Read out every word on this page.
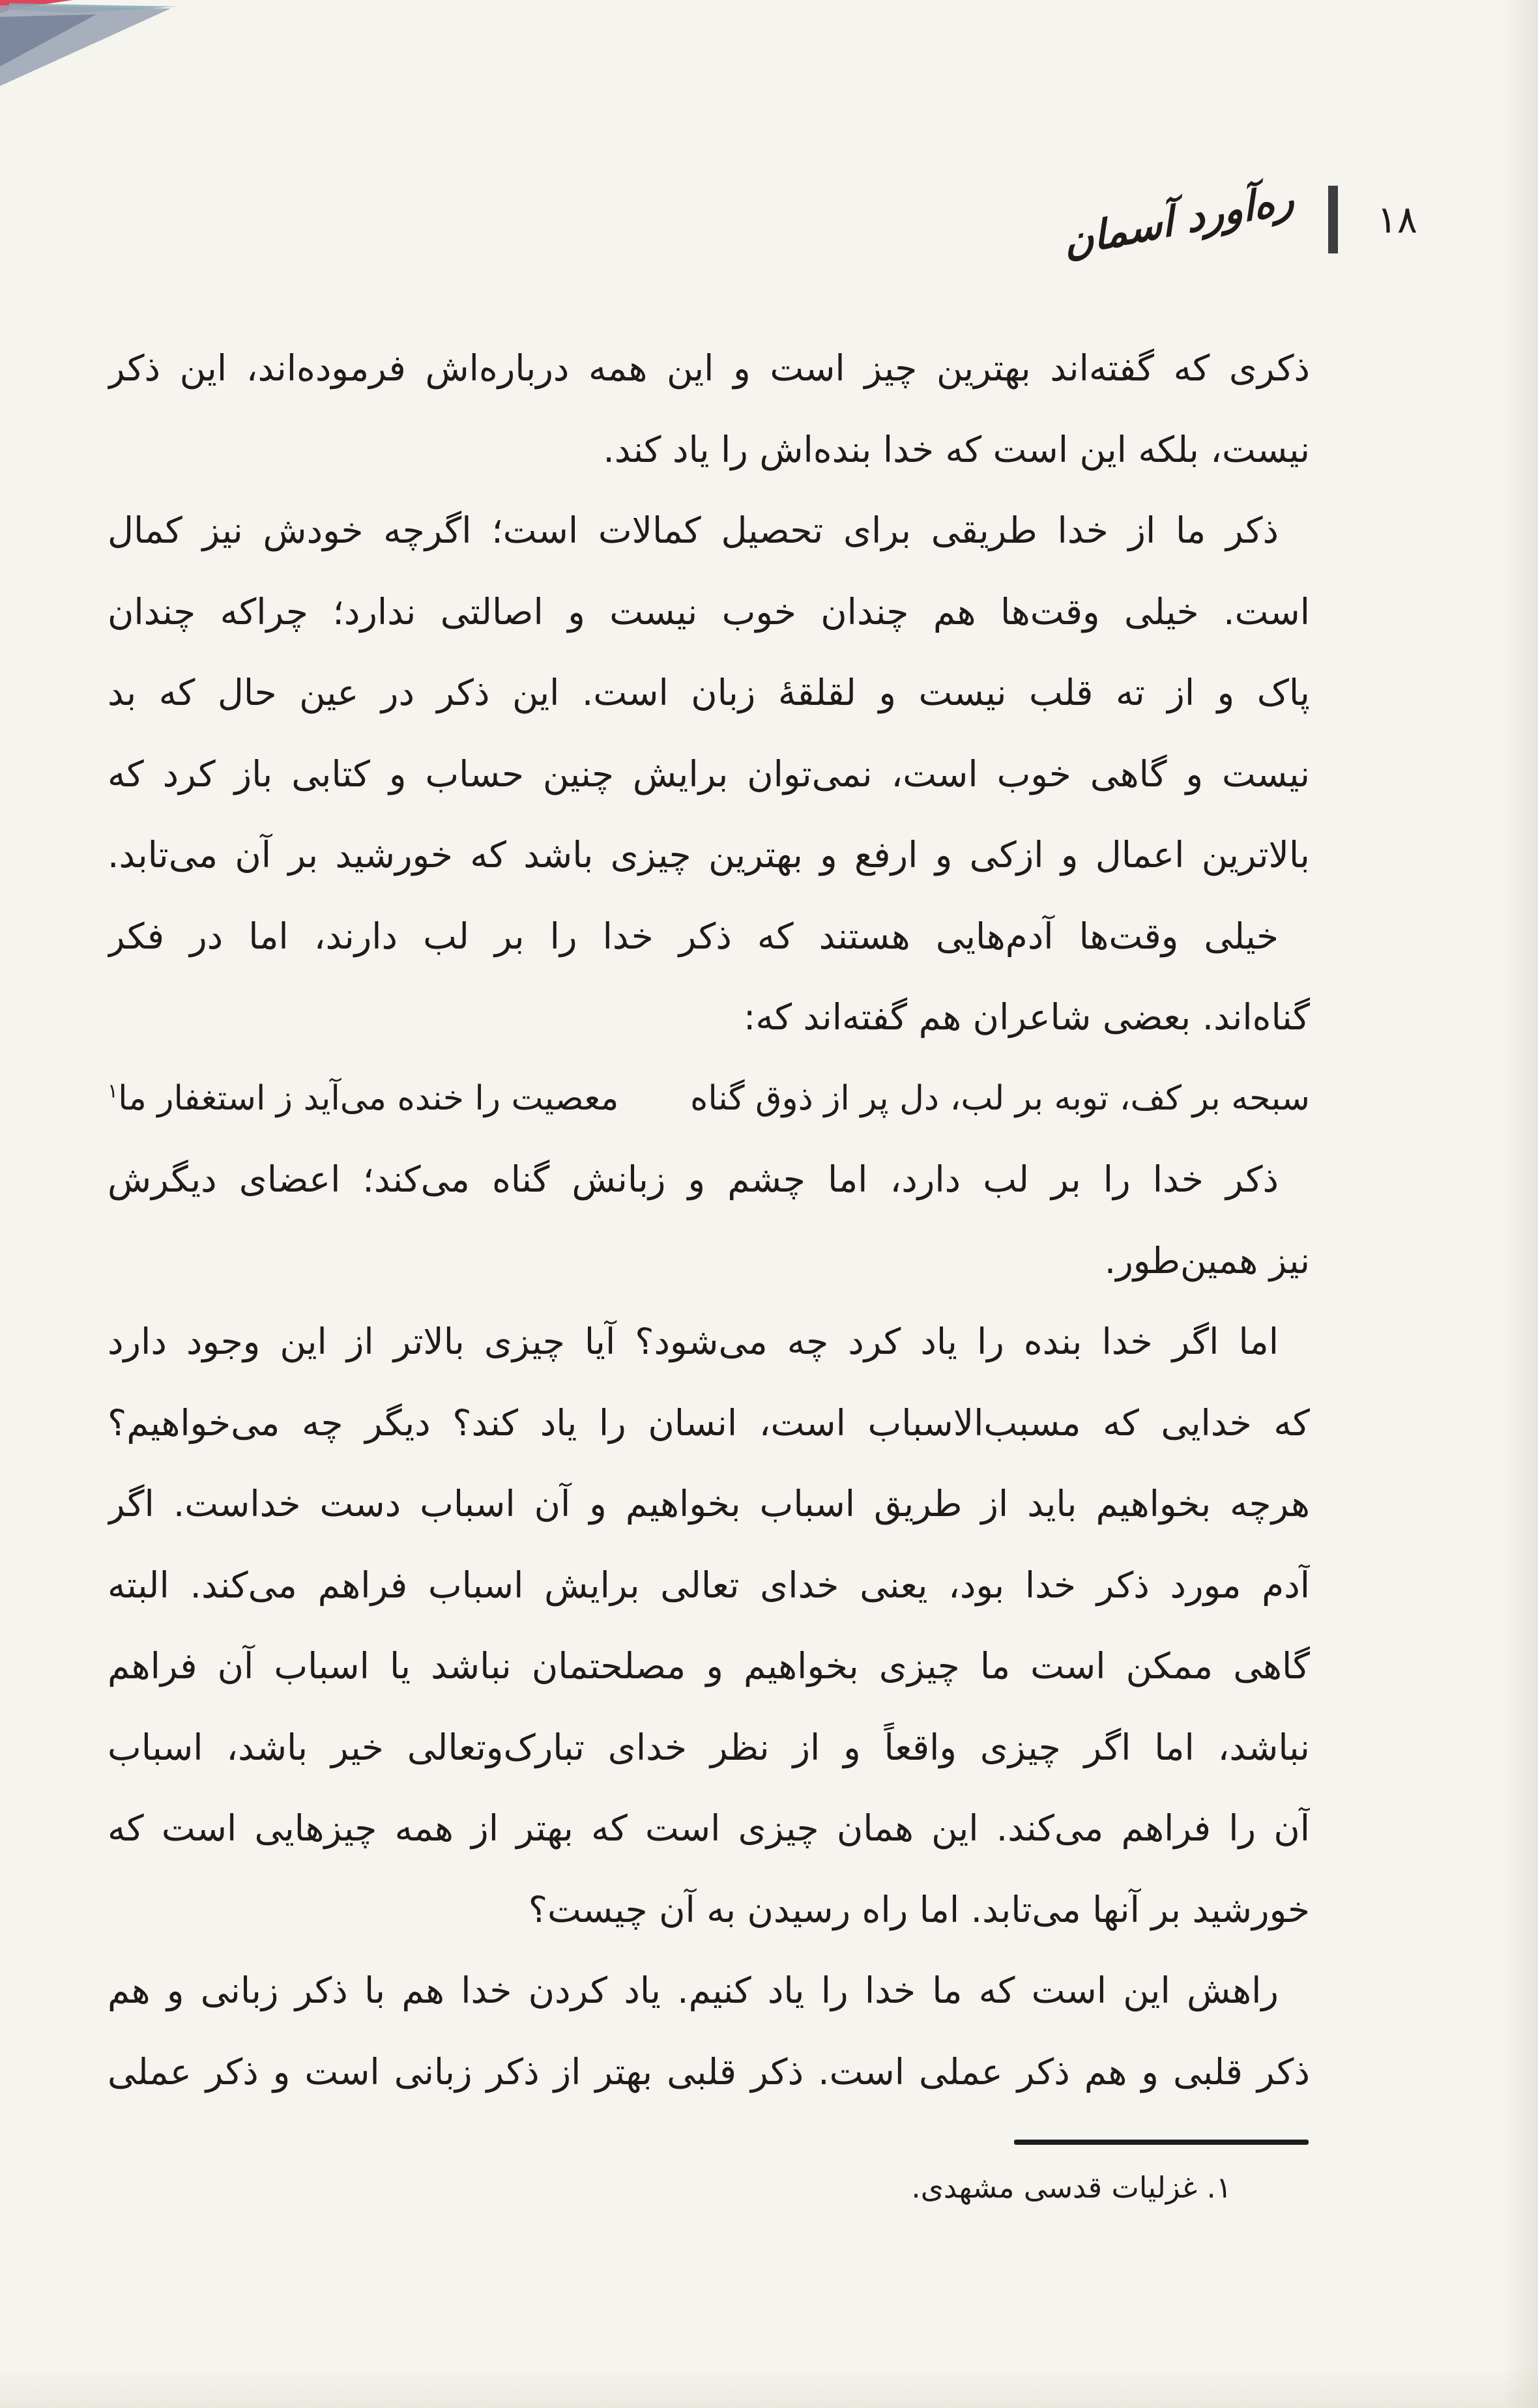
ره‌آورد آسمان ۱۸
ذکری که گفته‌اند بهترین چیز است و این همه درباره‌اش فرموده‌اند، این ذکر
نیست، بلکه این است که خدا بنده‌اش را یاد کند.
ذکر ما از خدا طریقی برای تحصیل کمالات است؛ اگرچه خودش نیز کمال
است. خیلی وقت‌ها هم چندان خوب نیست و اصالتی ندارد؛ چراکه چندان
پاک و از ته قلب نیست و لقلقهٔ زبان است. این ذکر در عین حال که بد
نیست و گاهی خوب است، نمی‌توان برایش چنین حساب و کتابی باز کرد که
بالاترین اعمال و ازکی و ارفع و بهترین چیزی باشد که خورشید بر آن می‌تابد.
خیلی وقت‌ها آدم‌هایی هستند که ذکر خدا را بر لب دارند، اما در فکر
گناه‌اند. بعضی شاعران هم گفته‌اند که:
سبحه بر کف، توبه بر لب، دل پر از ذوق گناه
معصیت را خنده می‌آید ز استغفار ما$^۱$
ذکر خدا را بر لب دارد، اما چشم و زبانش گناه می‌کند؛ اعضای دیگرش
نیز همین‌طور.
اما اگر خدا بنده را یاد کرد چه می‌شود؟ آیا چیزی بالاتر از این وجود دارد
که خدایی که مسبب‌الاسباب است، انسان را یاد کند؟ دیگر چه می‌خواهیم؟
هرچه بخواهیم باید از طریق اسباب بخواهیم و آن اسباب دست خداست. اگر
آدم مورد ذکر خدا بود، یعنی خدای تعالی برایش اسباب فراهم می‌کند. البته
گاهی ممکن است ما چیزی بخواهیم و مصلحتمان نباشد یا اسباب آن فراهم
نباشد، اما اگر چیزی واقعاً و از نظر خدای تبارک‌وتعالی خیر باشد، اسباب
آن را فراهم می‌کند. این همان چیزی است که بهتر از همه چیزهایی است که
خورشید بر آنها می‌تابد. اما راه رسیدن به آن چیست؟
راهش این است که ما خدا را یاد کنیم. یاد کردن خدا هم با ذکر زبانی و هم
ذکر قلبی و هم ذکر عملی است. ذکر قلبی بهتر از ذکر زبانی است و ذکر عملی
۱. غزلیات قدسی مشهدی.
